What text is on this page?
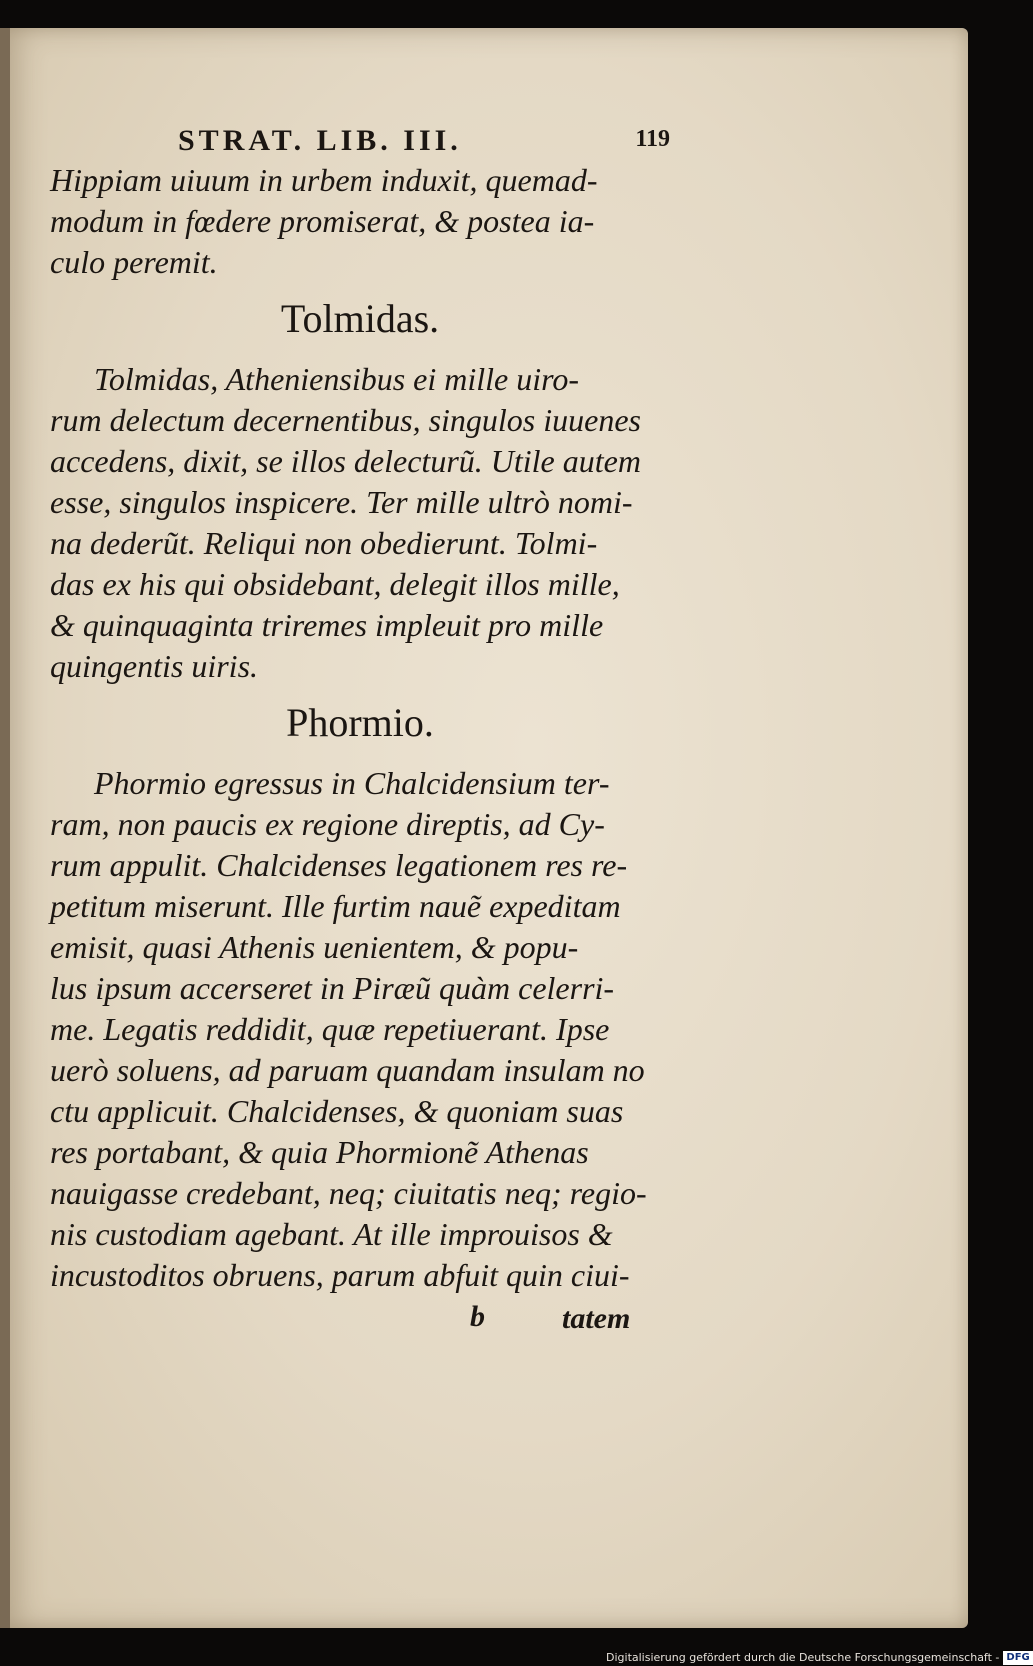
STRAT. LIB. III.	119

Hippiam uiuum in urbem induxit, quemad-
modum in fœdere promiserat, & postea ia-
culo peremit.

Tolmidas.

Tolmidas, Atheniensibus ei mille uiro-
rum delectum decernentibus, singulos iuuenes
accedens, dixit, se illos delecturũ. Utile autem
esse, singulos inspicere. Ter mille ultrò nomi-
na dederũt. Reliqui non obedierunt. Tolmi-
das ex his qui obsidebant, delegit illos mille,
& quinquaginta triremes impleuit pro mille
quingentis uiris.

Phormio.

Phormio egressus in Chalcidensium ter-
ram, non paucis ex regione direptis, ad Cy-
rum appulit. Chalcidenses legationem res re-
petitum miserunt. Ille furtim nauẽ expeditam
emisit, quasi Athenis uenientem, & popu-
lus ipsum accerseret in Piræũ quàm celerri-
me. Legatis reddidit, quæ repetiuerant. Ipse
uerò soluens, ad paruam quandam insulam no
ctu applicuit. Chalcidenses, & quoniam suas
res portabant, & quia Phormionẽ Athenas
nauigasse credebant, neq; ciuitatis neq; regio-
nis custodiam agebant. At ille improuisos &
incustoditos obruens, parum abfuit quin ciui-

b	tatem
Digitalisierung gefördert durch die Deutsche Forschungsgemeinschaft - DFG
